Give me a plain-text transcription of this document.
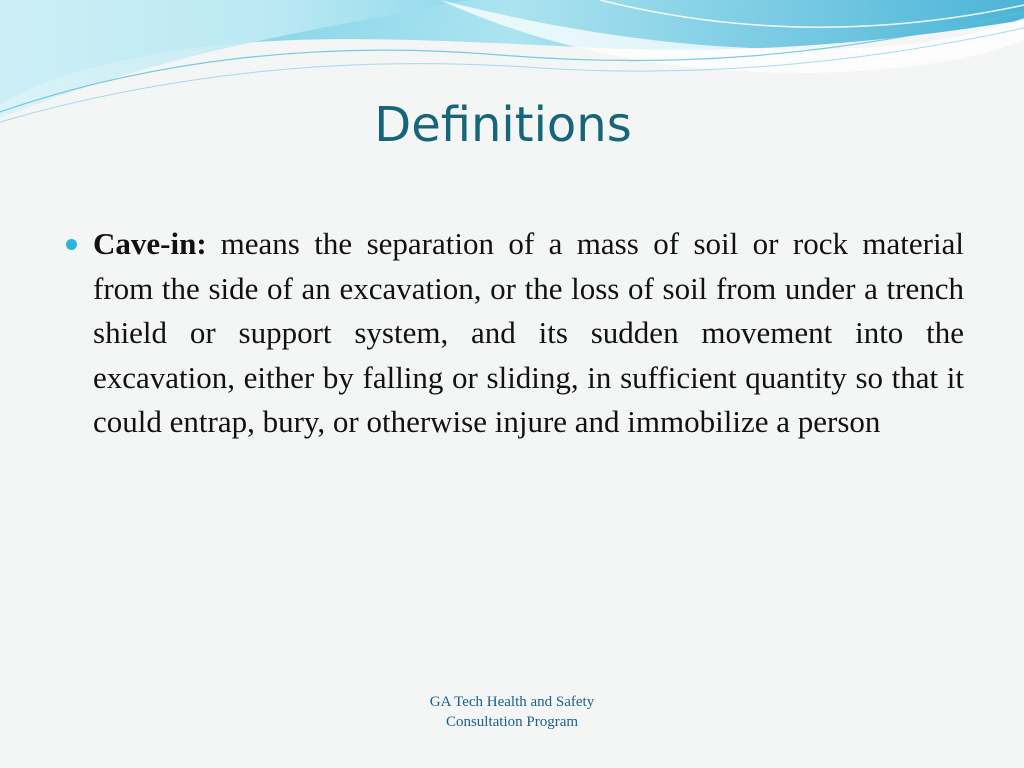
Definitions
Cave-in: means the separation of a mass of soil or rock material from the side of an excavation, or the loss of soil from under a trench shield or support system, and its sudden movement into the excavation, either by falling or sliding, in sufficient quantity so that it could entrap, bury, or otherwise injure and immobilize a person
GA Tech Health and Safety
Consultation Program
